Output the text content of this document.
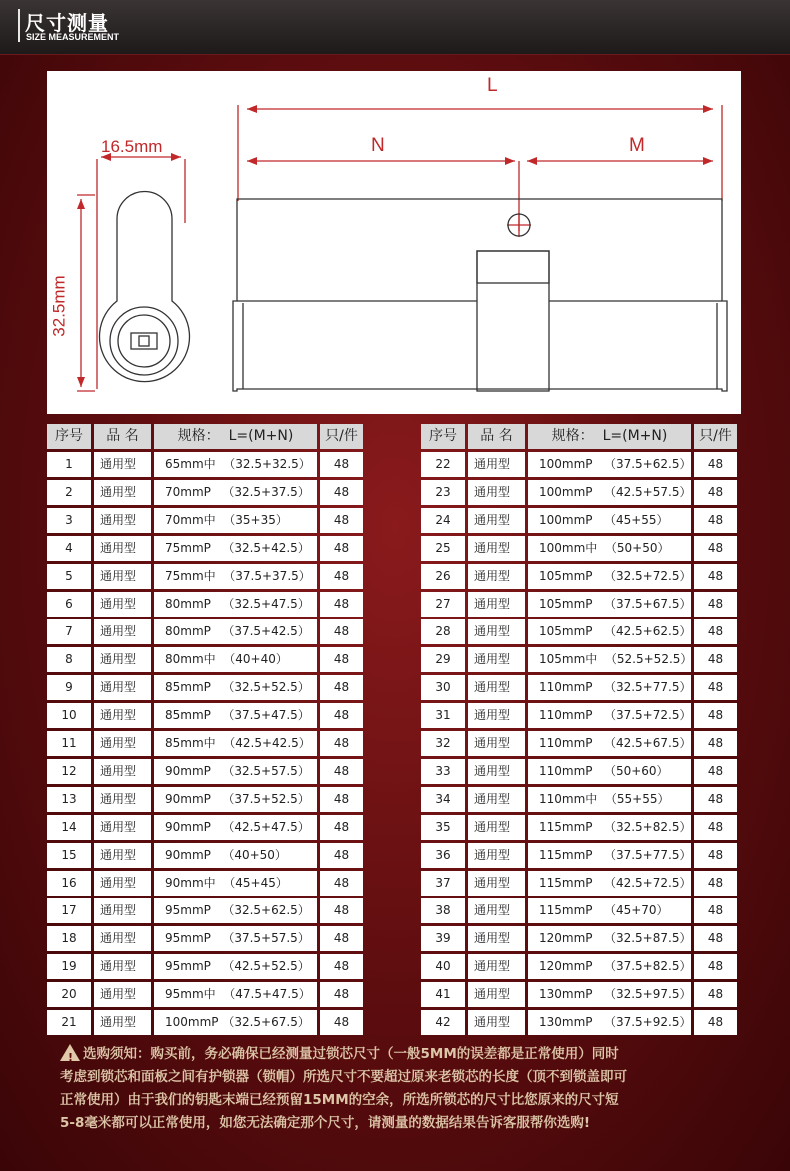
尺寸测量
SIZE MEASUREMENT
L
N	M
16.5mm
32.5mm
序号	品 名	规格：  L=(M+N)	只/件
1	通用型	65mm中  （32.5+32.5）	48
2	通用型	70mmP   （32.5+37.5）	48
3	通用型	70mm中  （35+35）	48
4	通用型	75mmP   （32.5+42.5）	48
5	通用型	75mm中  （37.5+37.5）	48
6	通用型	80mmP   （32.5+47.5）	48
7	通用型	80mmP   （37.5+42.5）	48
8	通用型	80mm中  （40+40）	48
9	通用型	85mmP   （32.5+52.5）	48
10	通用型	85mmP   （37.5+47.5）	48
11	通用型	85mm中  （42.5+42.5）	48
12	通用型	90mmP   （32.5+57.5）	48
13	通用型	90mmP   （37.5+52.5）	48
14	通用型	90mmP   （42.5+47.5）	48
15	通用型	90mmP   （40+50）	48
16	通用型	90mm中  （45+45）	48
17	通用型	95mmP   （32.5+62.5）	48
18	通用型	95mmP   （37.5+57.5）	48
19	通用型	95mmP   （42.5+52.5）	48
20	通用型	95mm中  （47.5+47.5）	48
21	通用型	100mmP （32.5+67.5）	48
序号	品 名	规格：  L=(M+N)	只/件
22	通用型	100mmP   （37.5+62.5）	48
23	通用型	100mmP   （42.5+57.5）	48
24	通用型	100mmP   （45+55）	48
25	通用型	100mm中  （50+50）	48
26	通用型	105mmP   （32.5+72.5）	48
27	通用型	105mmP   （37.5+67.5）	48
28	通用型	105mmP   （42.5+62.5）	48
29	通用型	105mm中  （52.5+52.5）	48
30	通用型	110mmP   （32.5+77.5）	48
31	通用型	110mmP   （37.5+72.5）	48
32	通用型	110mmP   （42.5+67.5）	48
33	通用型	110mmP   （50+60）	48
34	通用型	110mm中  （55+55）	48
35	通用型	115mmP   （32.5+82.5）	48
36	通用型	115mmP   （37.5+77.5）	48
37	通用型	115mmP   （42.5+72.5）	48
38	通用型	115mmP   （45+70）	48
39	通用型	120mmP   （32.5+87.5）	48
40	通用型	120mmP   （37.5+82.5）	48
41	通用型	130mmP   （32.5+97.5）	48
42	通用型	130mmP   （37.5+92.5）	48
! 选购须知：购买前，务必确保已经测量过锁芯尺寸（一般5MM的误差都是正常使用）同时
考虑到锁芯和面板之间有护锁器（锁帽）所选尺寸不要超过原来老锁芯的长度（顶不到锁盖即可
正常使用）由于我们的钥匙末端已经预留15MM的空余，所选所锁芯的尺寸比您原来的尺寸短
5-8毫米都可以正常使用，如您无法确定那个尺寸，请测量的数据结果告诉客服帮你选购!
